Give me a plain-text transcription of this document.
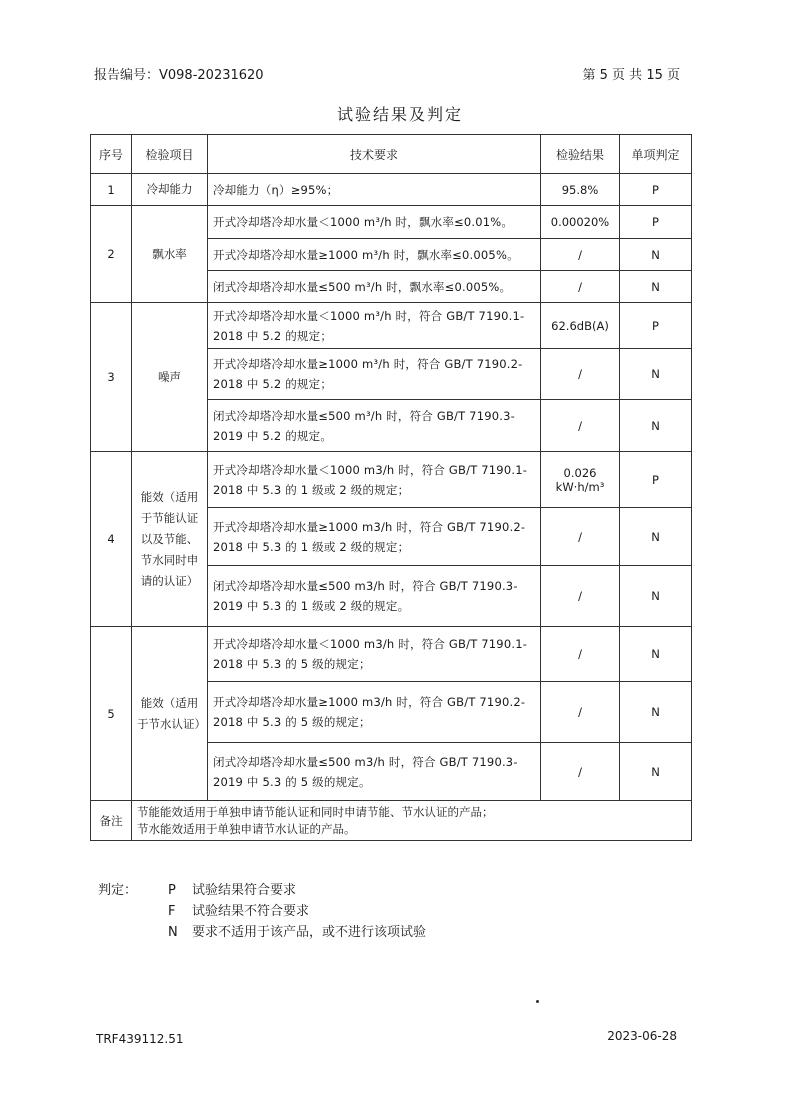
报告编号：V098-20231620	第 5 页 共 15 页
试验结果及判定
序号	检验项目	技术要求	检验结果	单项判定
1	冷却能力	冷却能力（η）≥95%；	95.8%	P
2	飘水率	开式冷却塔冷却水量＜1000 m³/h 时，飘水率≤0.01%。	0.00020%	P
		开式冷却塔冷却水量≥1000 m³/h 时，飘水率≤0.005%。	/	N
		闭式冷却塔冷却水量≤500 m³/h 时，飘水率≤0.005%。	/	N
3	噪声	开式冷却塔冷却水量＜1000 m³/h 时，符合 GB/T 7190.1-2018 中 5.2 的规定；	62.6dB(A)	P
		开式冷却塔冷却水量≥1000 m³/h 时，符合 GB/T 7190.2-2018 中 5.2 的规定；	/	N
		闭式冷却塔冷却水量≤500 m³/h 时，符合 GB/T 7190.3-2019 中 5.2 的规定。	/	N
4	能效（适用于节能认证以及节能、节水同时申请的认证）	开式冷却塔冷却水量＜1000 m3/h 时，符合 GB/T 7190.1-2018 中 5.3 的 1 级或 2 级的规定；	0.026 kW·h/m³	P
		开式冷却塔冷却水量≥1000 m3/h 时，符合 GB/T 7190.2-2018 中 5.3 的 1 级或 2 级的规定；	/	N
		闭式冷却塔冷却水量≤500 m3/h 时，符合 GB/T 7190.3-2019 中 5.3 的 1 级或 2 级的规定。	/	N
5	能效（适用于节水认证）	开式冷却塔冷却水量＜1000 m3/h 时，符合 GB/T 7190.1-2018 中 5.3 的 5 级的规定；	/	N
		开式冷却塔冷却水量≥1000 m3/h 时，符合 GB/T 7190.2-2018 中 5.3 的 5 级的规定；	/	N
		闭式冷却塔冷却水量≤500 m3/h 时，符合 GB/T 7190.3-2019 中 5.3 的 5 级的规定。	/	N
备注	节能能效适用于单独申请节能认证和同时申请节能、节水认证的产品；
节水能效适用于单独申请节水认证的产品。			
判定： P 试验结果符合要求
F 试验结果不符合要求
N 要求不适用于该产品，或不进行该项试验
TRF439112.51	2023-06-28
